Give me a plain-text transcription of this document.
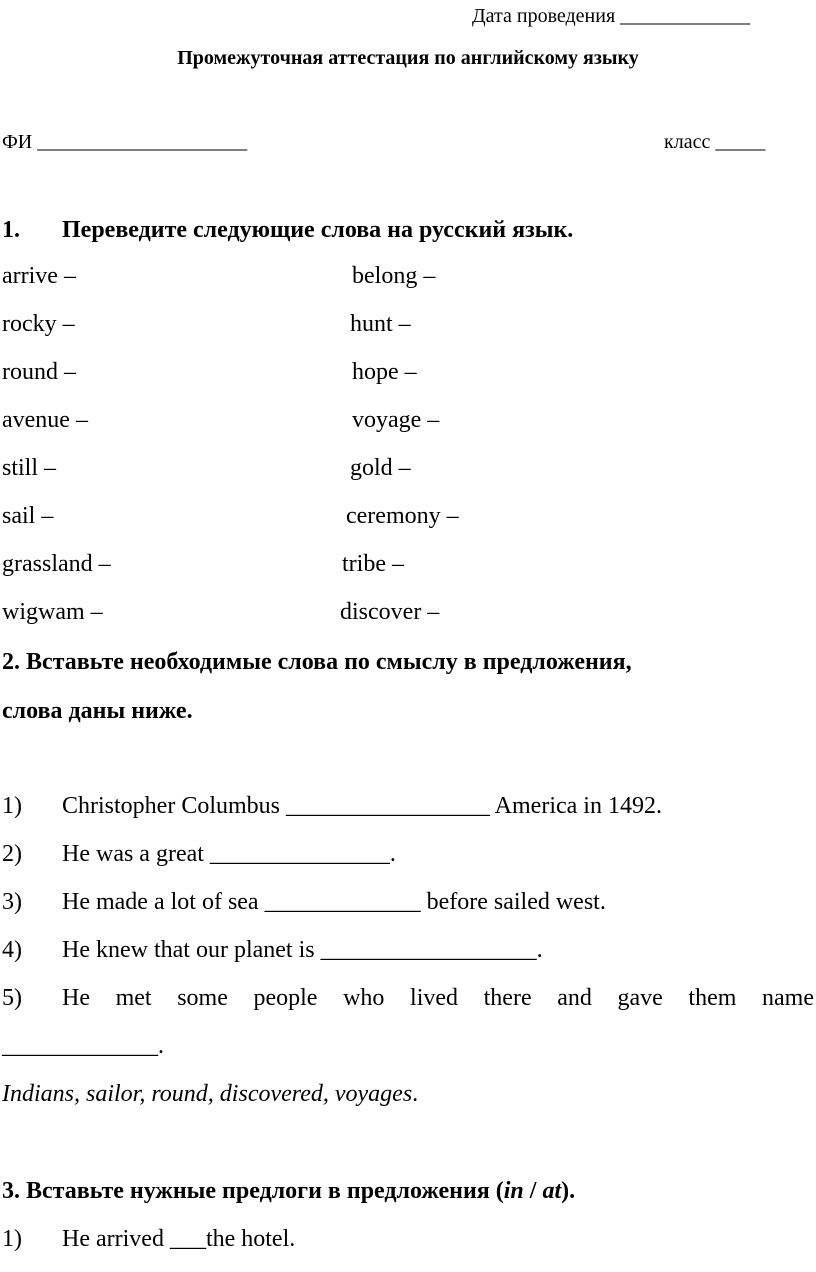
Дата проведения _____________
Промежуточная аттестация по английскому языку
ФИ _____________________	класс _____
1. Переведите следующие слова на русский язык.
arrive –	belong –
rocky –	hunt –
round –	hope –
avenue –	voyage –
still –	gold –
sail –	ceremony –
grassland –	tribe –
wigwam –	discover –
2. Вставьте необходимые слова по смыслу в предложения,
слова даны ниже.
1) Christopher Columbus _________________ America in 1492.
2) He was a great _______________.
3) He made a lot of sea _____________ before sailed west.
4) He knew that our planet is __________________.
5) He met some people who lived there and gave them name
_____________.
Indians, sailor, round, discovered, voyages.
3. Вставьте нужные предлоги в предложения (in / at).
1) He arrived ___the hotel.
